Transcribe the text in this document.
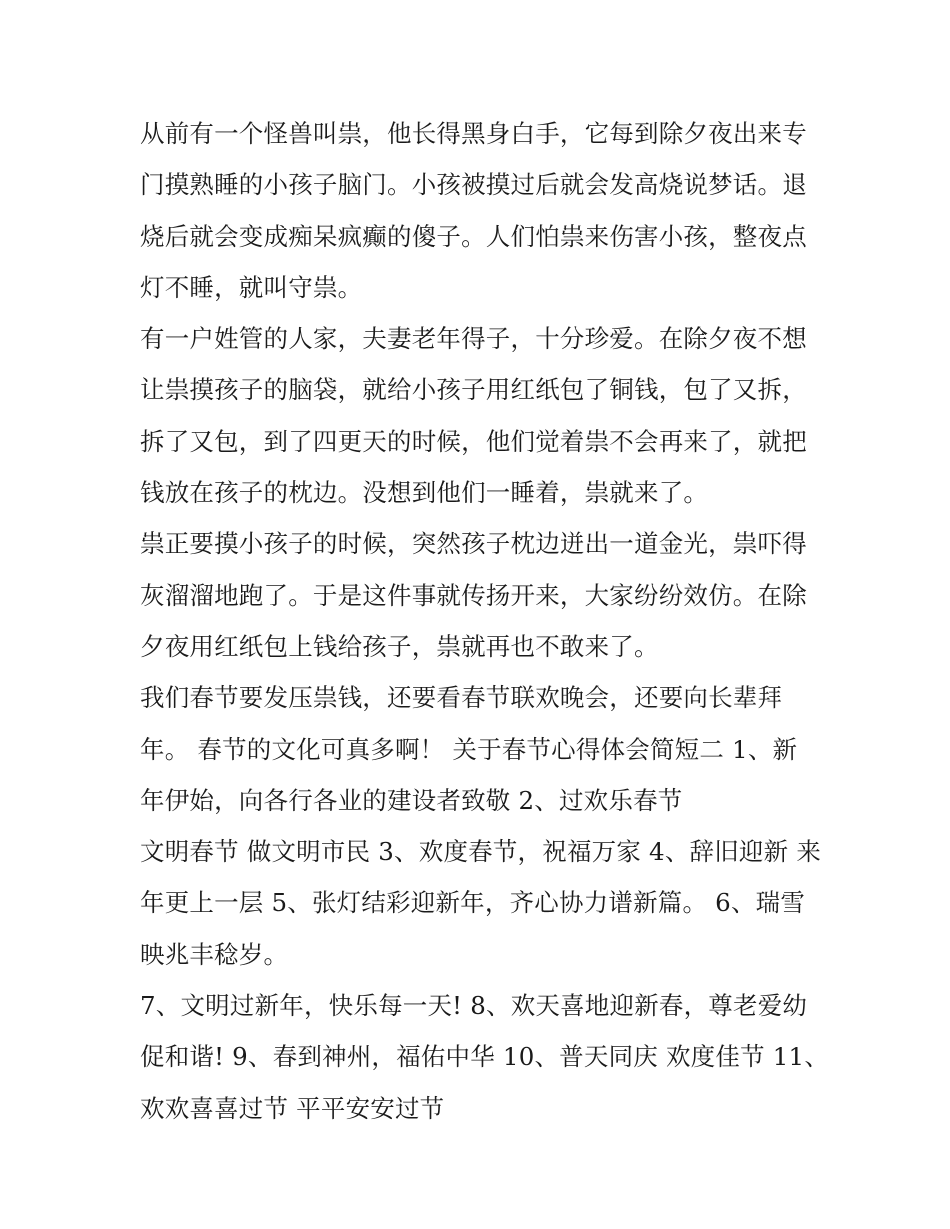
从前有一个怪兽叫祟，他长得黑身白手，它每到除夕夜出来专
门摸熟睡的小孩子脑门。小孩被摸过后就会发高烧说梦话。退
烧后就会变成痴呆疯癫的傻子。人们怕祟来伤害小孩，整夜点
灯不睡，就叫守祟。
有一户姓管的人家，夫妻老年得子，十分珍爱。在除夕夜不想
让祟摸孩子的脑袋，就给小孩子用红纸包了铜钱，包了又拆，
拆了又包，到了四更天的时候，他们觉着祟不会再来了，就把
钱放在孩子的枕边。没想到他们一睡着，祟就来了。
祟正要摸小孩子的时候，突然孩子枕边迸出一道金光，祟吓得
灰溜溜地跑了。于是这件事就传扬开来，大家纷纷效仿。在除
夕夜用红纸包上钱给孩子，祟就再也不敢来了。
我们春节要发压祟钱，还要看春节联欢晚会，还要向长辈拜
年。 春节的文化可真多啊！ 关于春节心得体会简短二 1、新
年伊始，向各行各业的建设者致敬 2、过欢乐春节
文明春节 做文明市民 3、欢度春节，祝福万家 4、辞旧迎新 来
年更上一层 5、张灯结彩迎新年，齐心协力谱新篇。 6、瑞雪
映兆丰稔岁。
7、文明过新年，快乐每一天! 8、欢天喜地迎新春，尊老爱幼
促和谐! 9、春到神州，福佑中华 10、普天同庆 欢度佳节 11、
欢欢喜喜过节 平平安安过节
